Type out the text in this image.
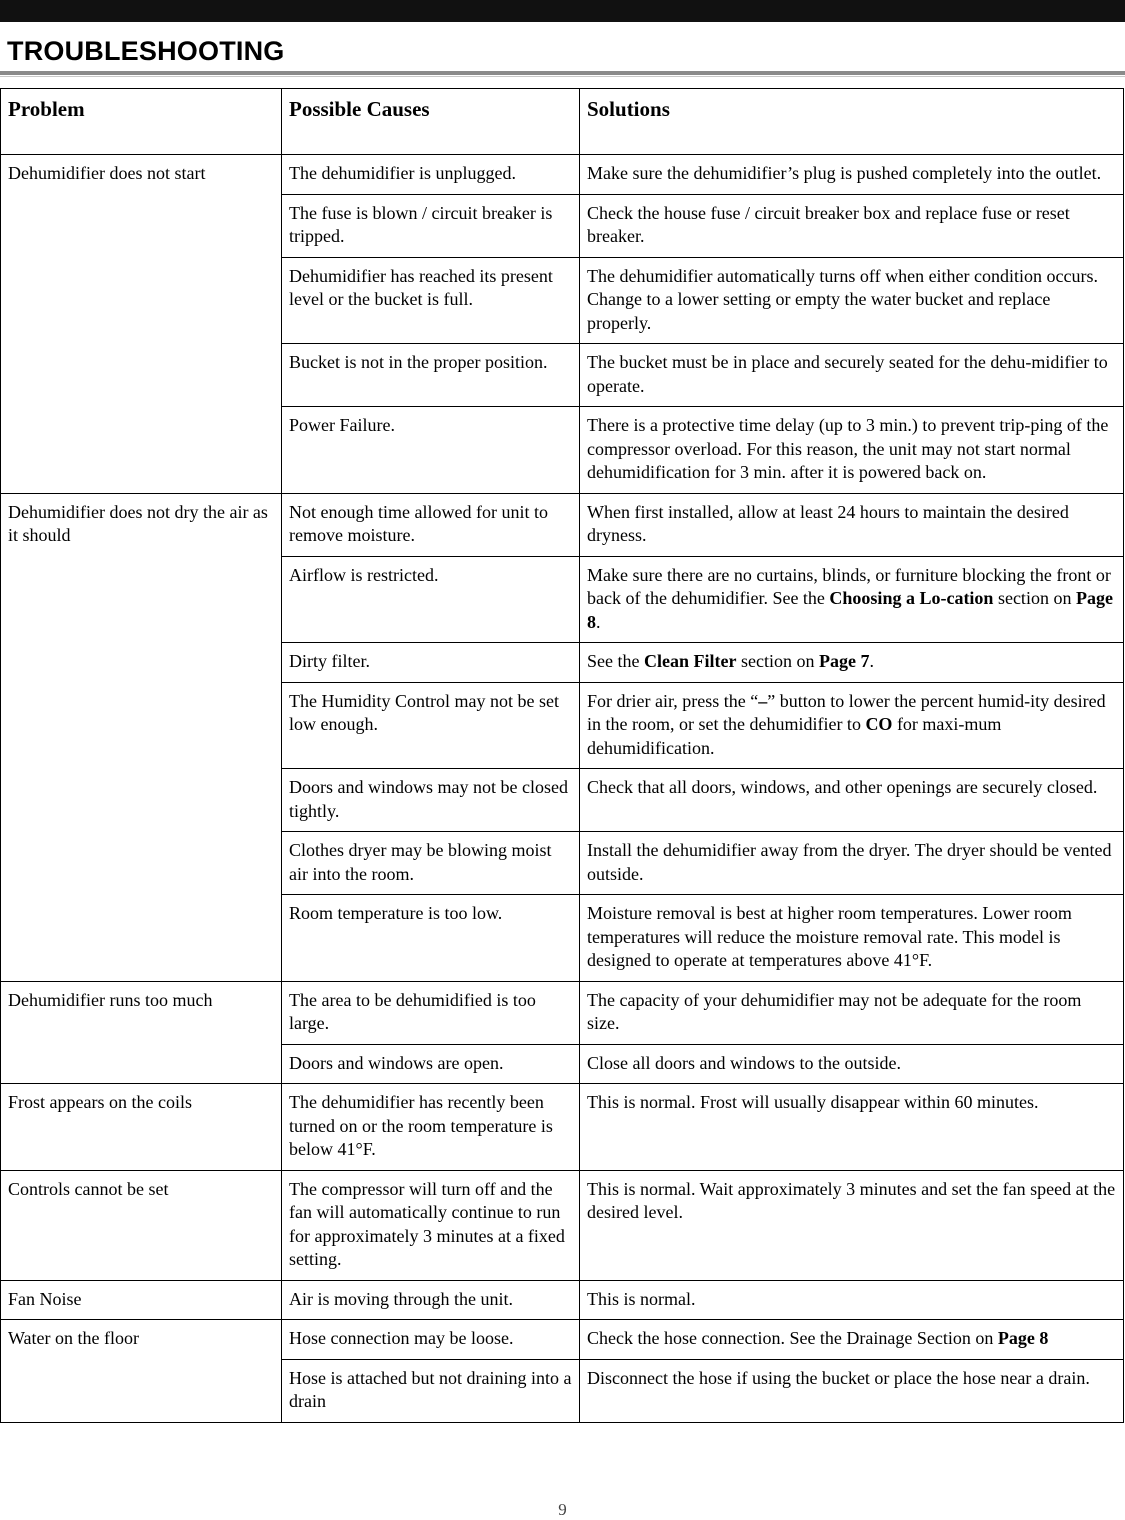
TROUBLESHOOTING
Problem	Possible Causes	Solutions
Dehumidifier does not start	The dehumidifier is unplugged.	Make sure the dehumidifier’s plug is pushed completely into the outlet.
	The fuse is blown / circuit breaker is tripped.	Check the house fuse / circuit breaker box and replace fuse or reset breaker.
	Dehumidifier has reached its present level or the bucket is full.	The dehumidifier automatically turns off when either condition occurs. Change to a lower setting or empty the water bucket and replace properly.
	Bucket is not in the proper position.	The bucket must be in place and securely seated for the dehu-midifier to operate.
	Power Failure.	There is a protective time delay (up to 3 min.) to prevent trip-ping of the compressor overload. For this reason, the unit may not start normal dehumidification for 3 min. after it is powered back on.
Dehumidifier does not dry the air as it should	Not enough time allowed for unit to remove moisture.	When first installed, allow at least 24 hours to maintain the desired dryness.
	Airflow is restricted.	Make sure there are no curtains, blinds, or furniture blocking the front or back of the dehumidifier. See the Choosing a Lo-cation section on Page 8.
	Dirty filter.	See the Clean Filter section on Page 7.
	The Humidity Control may not be set low enough.	For drier air, press the “–” button to lower the percent humid-ity desired in the room, or set the dehumidifier to CO for maxi-mum dehumidification.
	Doors and windows may not be closed tightly.	Check that all doors, windows, and other openings are securely closed.
	Clothes dryer may be blowing moist air into the room.	Install the dehumidifier away from the dryer. The dryer should be vented outside.
	Room temperature is too low.	Moisture removal is best at higher room temperatures. Lower room temperatures will reduce the moisture removal rate. This model is designed to operate at temperatures above 41°F.
Dehumidifier runs too much	The area to be dehumidified is too large.	The capacity of your dehumidifier may not be adequate for the room size.
	Doors and windows are open.	Close all doors and windows to the outside.
Frost appears on the coils	The dehumidifier has recently been turned on or the room temperature is below 41°F.	This is normal. Frost will usually disappear within 60 minutes.
Controls cannot be set	The compressor will turn off and the fan will automatically continue to run for approximately 3 minutes at a fixed setting.	This is normal. Wait approximately 3 minutes and set the fan speed at the desired level.
Fan Noise	Air is moving through the unit.	This is normal.
Water on the floor	Hose connection may be loose.	Check the hose connection. See the Drainage Section on Page 8
	Hose is attached but not draining into a drain	Disconnect the hose if using the bucket or place the hose near a drain.
9
